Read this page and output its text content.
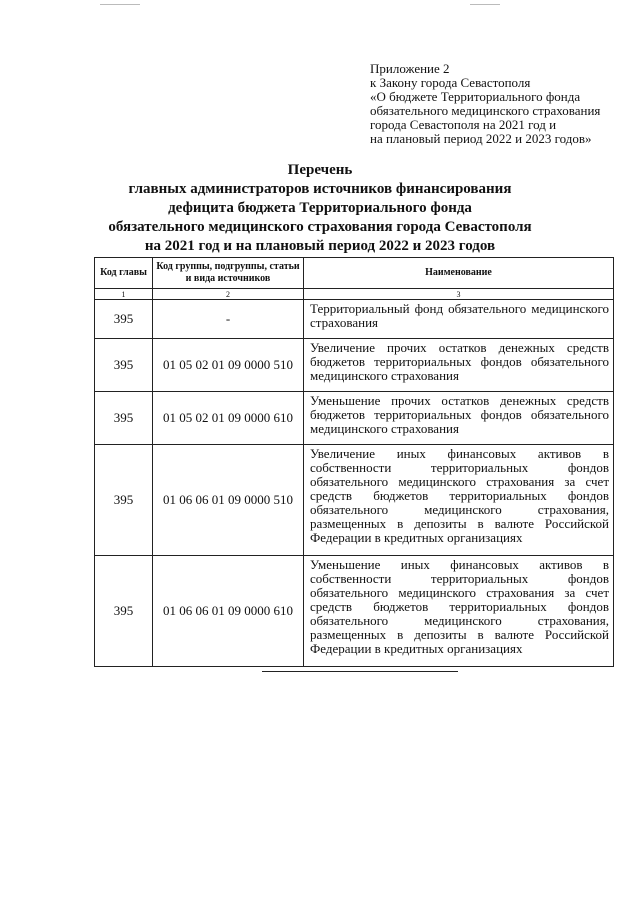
Приложение 2
к Закону города Севастополя
«О бюджете Территориального фонда
обязательного медицинского страхования
города Севастополя на 2021 год и
на плановый период 2022 и 2023 годов»
Перечень
главных администраторов источников финансирования
дефицита бюджета Территориального фонда
обязательного медицинского страхования города Севастополя
на 2021 год и на плановый период 2022 и 2023 годов
Код главы	Код группы, подгруппы, статьи и вида источников	Наименование
1	2	3
395	-	Территориальный фонд обязательного медицинского страхования
395	01 05 02 01 09 0000 510	Увеличение прочих остатков денежных средств бюджетов территориальных фондов обязательного медицинского страхования
395	01 05 02 01 09 0000 610	Уменьшение прочих остатков денежных средств бюджетов территориальных фондов обязательного медицинского страхования
395	01 06 06 01 09 0000 510	Увеличение иных финансовых активов в собственности территориальных фондов обязательного медицинского страхования за счет средств бюджетов территориальных фондов обязательного медицинского страхования, размещенных в депозиты в валюте Российской Федерации в кредитных организациях
395	01 06 06 01 09 0000 610	Уменьшение иных финансовых активов в собственности территориальных фондов обязательного медицинского страхования за счет средств бюджетов территориальных фондов обязательного медицинского страхования, размещенных в депозиты в валюте Российской Федерации в кредитных организациях
